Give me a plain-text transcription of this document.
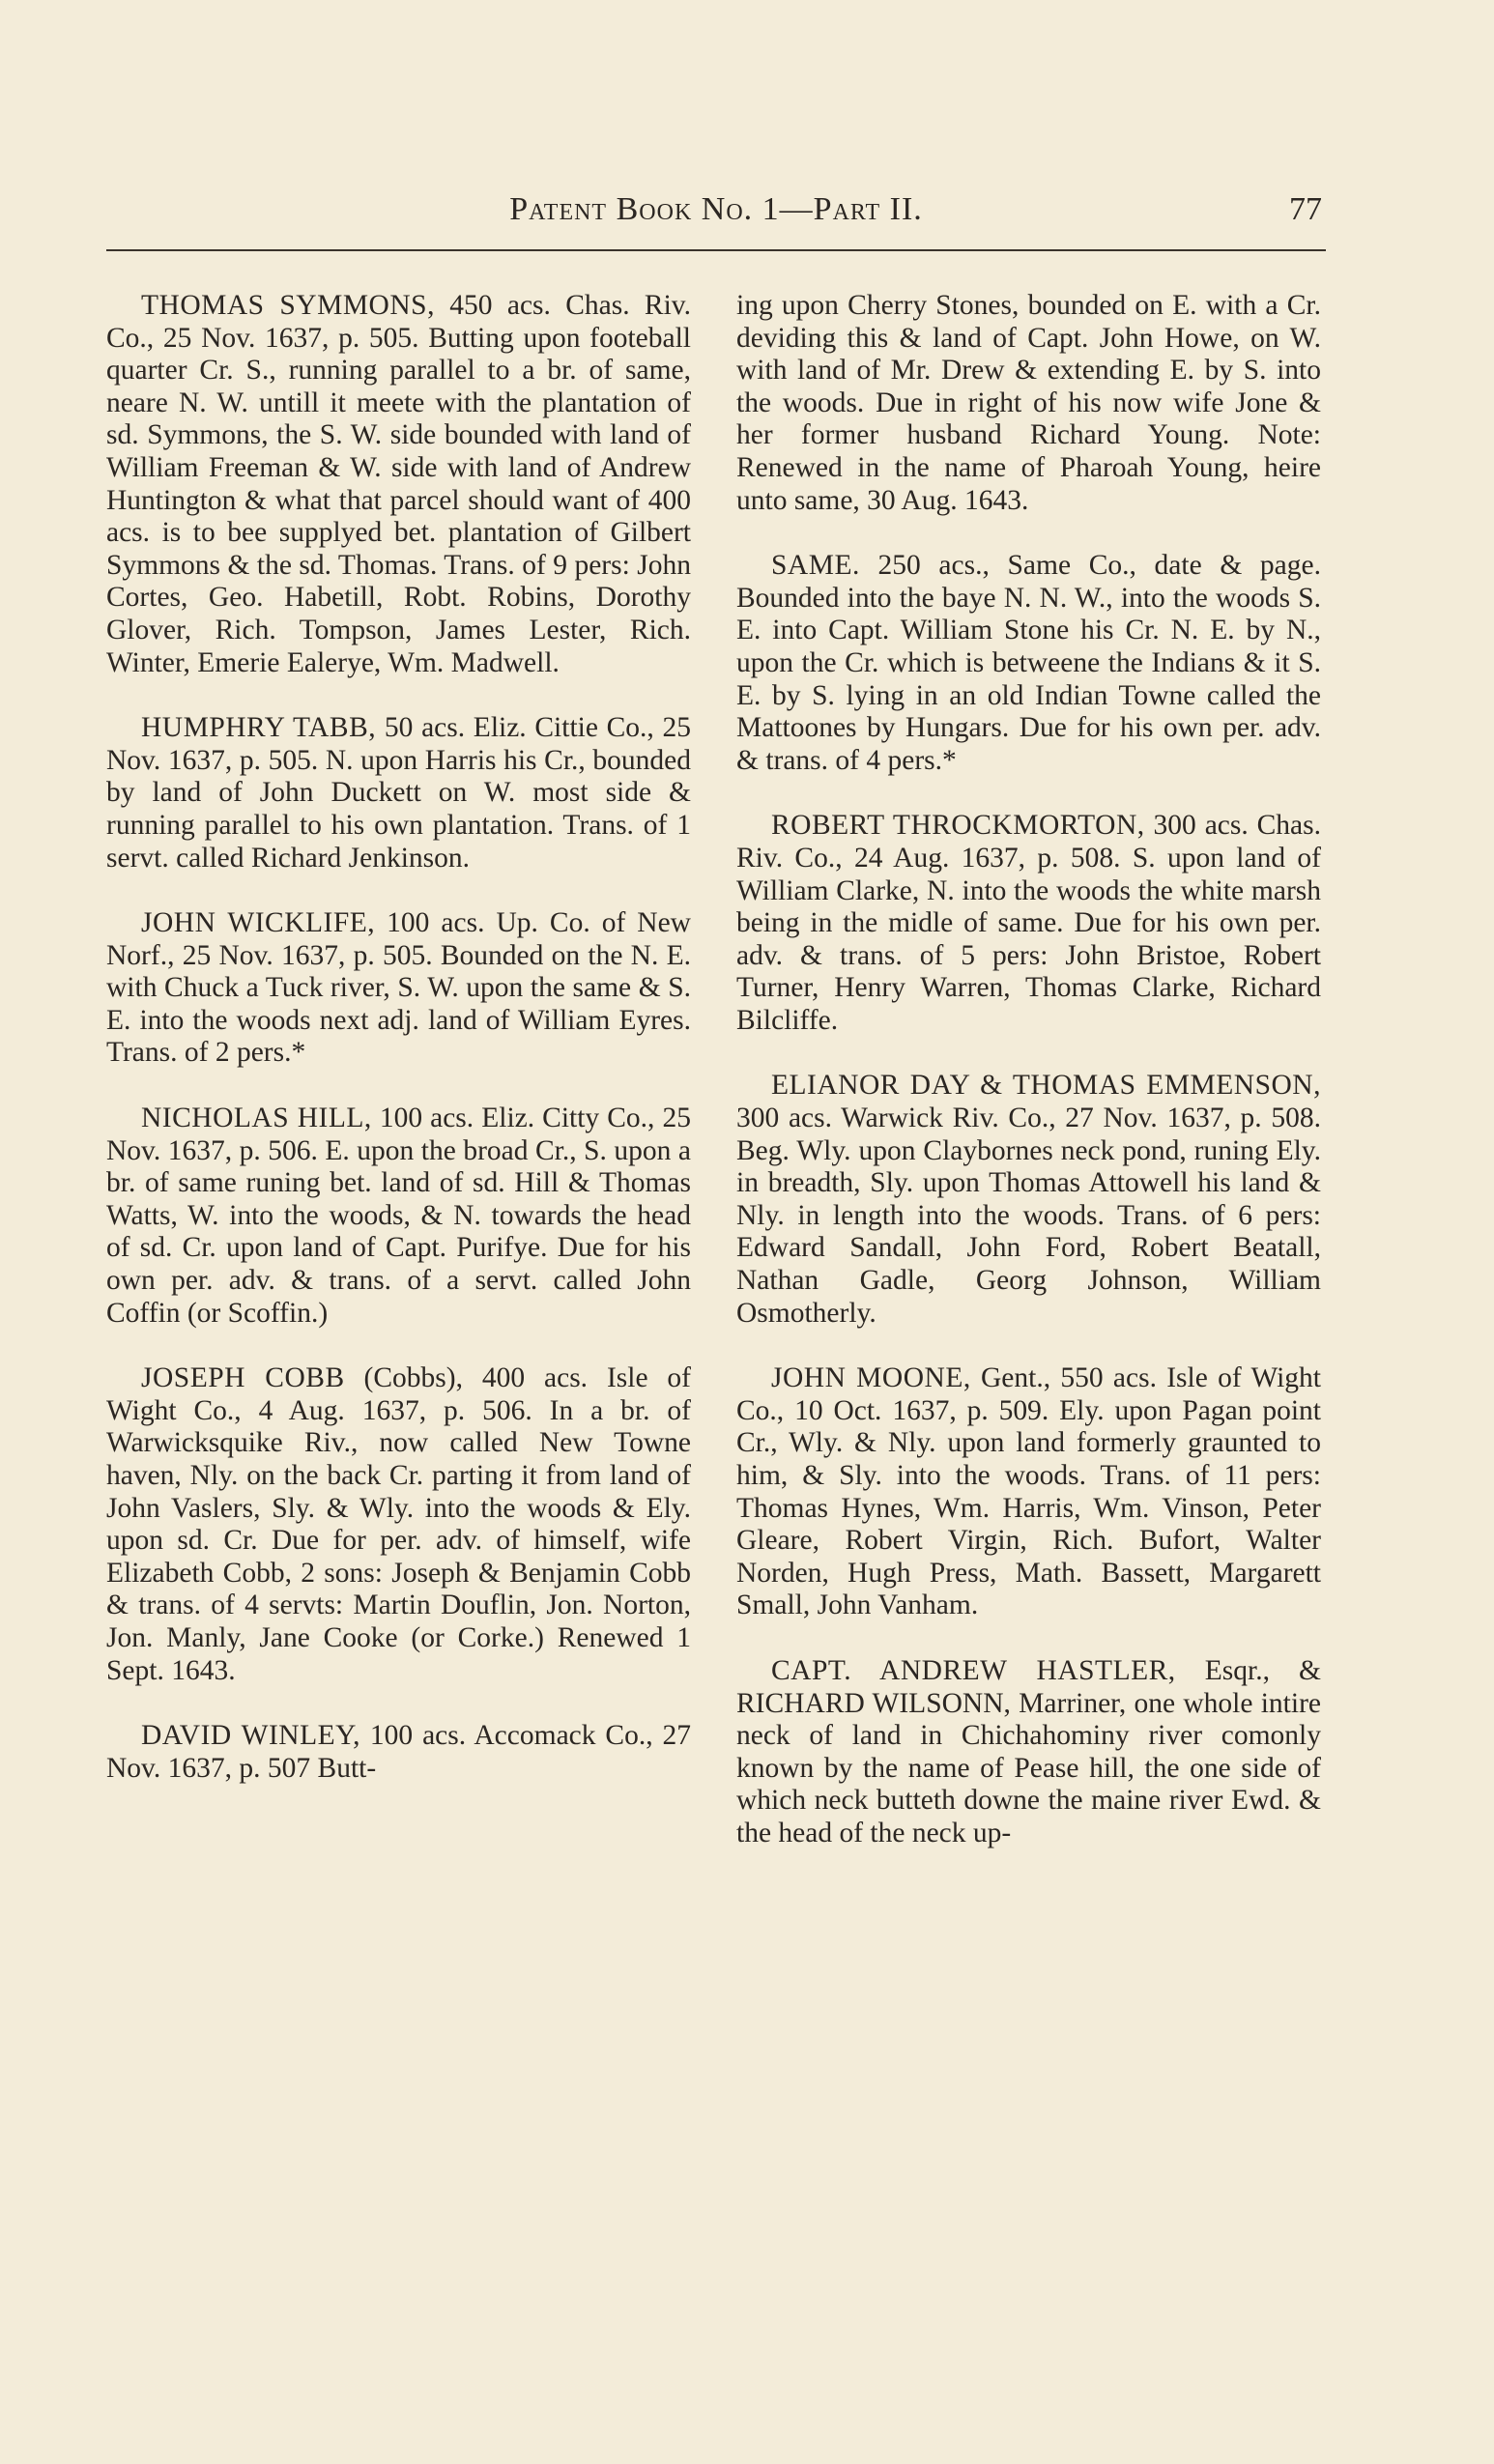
Patent Book No. 1—Part II.	77

THOMAS SYMMONS, 450 acs. Chas. Riv. Co., 25 Nov. 1637, p. 505. Butting upon footeball quarter Cr. S., running parallel to a br. of same, neare N. W. untill it meete with the plantation of sd. Symmons, the S. W. side bounded with land of William Freeman & W. side with land of Andrew Huntington & what that parcel should want of 400 acs. is to bee supplyed bet. plantation of Gilbert Symmons & the sd. Thomas. Trans. of 9 pers: John Cortes, Geo. Habetill, Robt. Robins, Dorothy Glover, Rich. Tompson, James Lester, Rich. Winter, Emerie Ealerye, Wm. Madwell.

HUMPHRY TABB, 50 acs. Eliz. Cittie Co., 25 Nov. 1637, p. 505. N. upon Harris his Cr., bounded by land of John Duckett on W. most side & running parallel to his own plantation. Trans. of 1 servt. called Richard Jenkinson.

JOHN WICKLIFE, 100 acs. Up. Co. of New Norf., 25 Nov. 1637, p. 505. Bounded on the N. E. with Chuck a Tuck river, S. W. upon the same & S. E. into the woods next adj. land of William Eyres. Trans. of 2 pers.*

NICHOLAS HILL, 100 acs. Eliz. Citty Co., 25 Nov. 1637, p. 506. E. upon the broad Cr., S. upon a br. of same runing bet. land of sd. Hill & Thomas Watts, W. into the woods, & N. towards the head of sd. Cr. upon land of Capt. Purifye. Due for his own per. adv. & trans. of a servt. called John Coffin (or Scoffin.)

JOSEPH COBB (Cobbs), 400 acs. Isle of Wight Co., 4 Aug. 1637, p. 506. In a br. of Warwicksquike Riv., now called New Towne haven, Nly. on the back Cr. parting it from land of John Vaslers, Sly. & Wly. into the woods & Ely. upon sd. Cr. Due for per. adv. of himself, wife Elizabeth Cobb, 2 sons: Joseph & Benjamin Cobb & trans. of 4 servts: Martin Douflin, Jon. Norton, Jon. Manly, Jane Cooke (or Corke.) Renewed 1 Sept. 1643.

DAVID WINLEY, 100 acs. Accomack Co., 27 Nov. 1637, p. 507 Butt-

ing upon Cherry Stones, bounded on E. with a Cr. deviding this & land of Capt. John Howe, on W. with land of Mr. Drew & extending E. by S. into the woods. Due in right of his now wife Jone & her former husband Richard Young. Note: Renewed in the name of Pharoah Young, heire unto same, 30 Aug. 1643.

SAME. 250 acs., Same Co., date & page. Bounded into the baye N. N. W., into the woods S. E. into Capt. William Stone his Cr. N. E. by N., upon the Cr. which is betweene the Indians & it S. E. by S. lying in an old Indian Towne called the Mattoones by Hungars. Due for his own per. adv. & trans. of 4 pers.*

ROBERT THROCKMORTON, 300 acs. Chas. Riv. Co., 24 Aug. 1637, p. 508. S. upon land of William Clarke, N. into the woods the white marsh being in the midle of same. Due for his own per. adv. & trans. of 5 pers: John Bristoe, Robert Turner, Henry Warren, Thomas Clarke, Richard Bilcliffe.

ELIANOR DAY & THOMAS EMMENSON, 300 acs. Warwick Riv. Co., 27 Nov. 1637, p. 508. Beg. Wly. upon Claybornes neck pond, runing Ely. in breadth, Sly. upon Thomas Attowell his land & Nly. in length into the woods. Trans. of 6 pers: Edward Sandall, John Ford, Robert Beatall, Nathan Gadle, Georg Johnson, William Osmotherly.

JOHN MOONE, Gent., 550 acs. Isle of Wight Co., 10 Oct. 1637, p. 509. Ely. upon Pagan point Cr., Wly. & Nly. upon land formerly graunted to him, & Sly. into the woods. Trans. of 11 pers: Thomas Hynes, Wm. Harris, Wm. Vinson, Peter Gleare, Robert Virgin, Rich. Bufort, Walter Norden, Hugh Press, Math. Bassett, Margarett Small, John Vanham.

CAPT. ANDREW HASTLER, Esqr., & RICHARD WILSONN, Marriner, one whole intire neck of land in Chichahominy river comonly known by the name of Pease hill, the one side of which neck butteth downe the maine river Ewd. & the head of the neck up-
